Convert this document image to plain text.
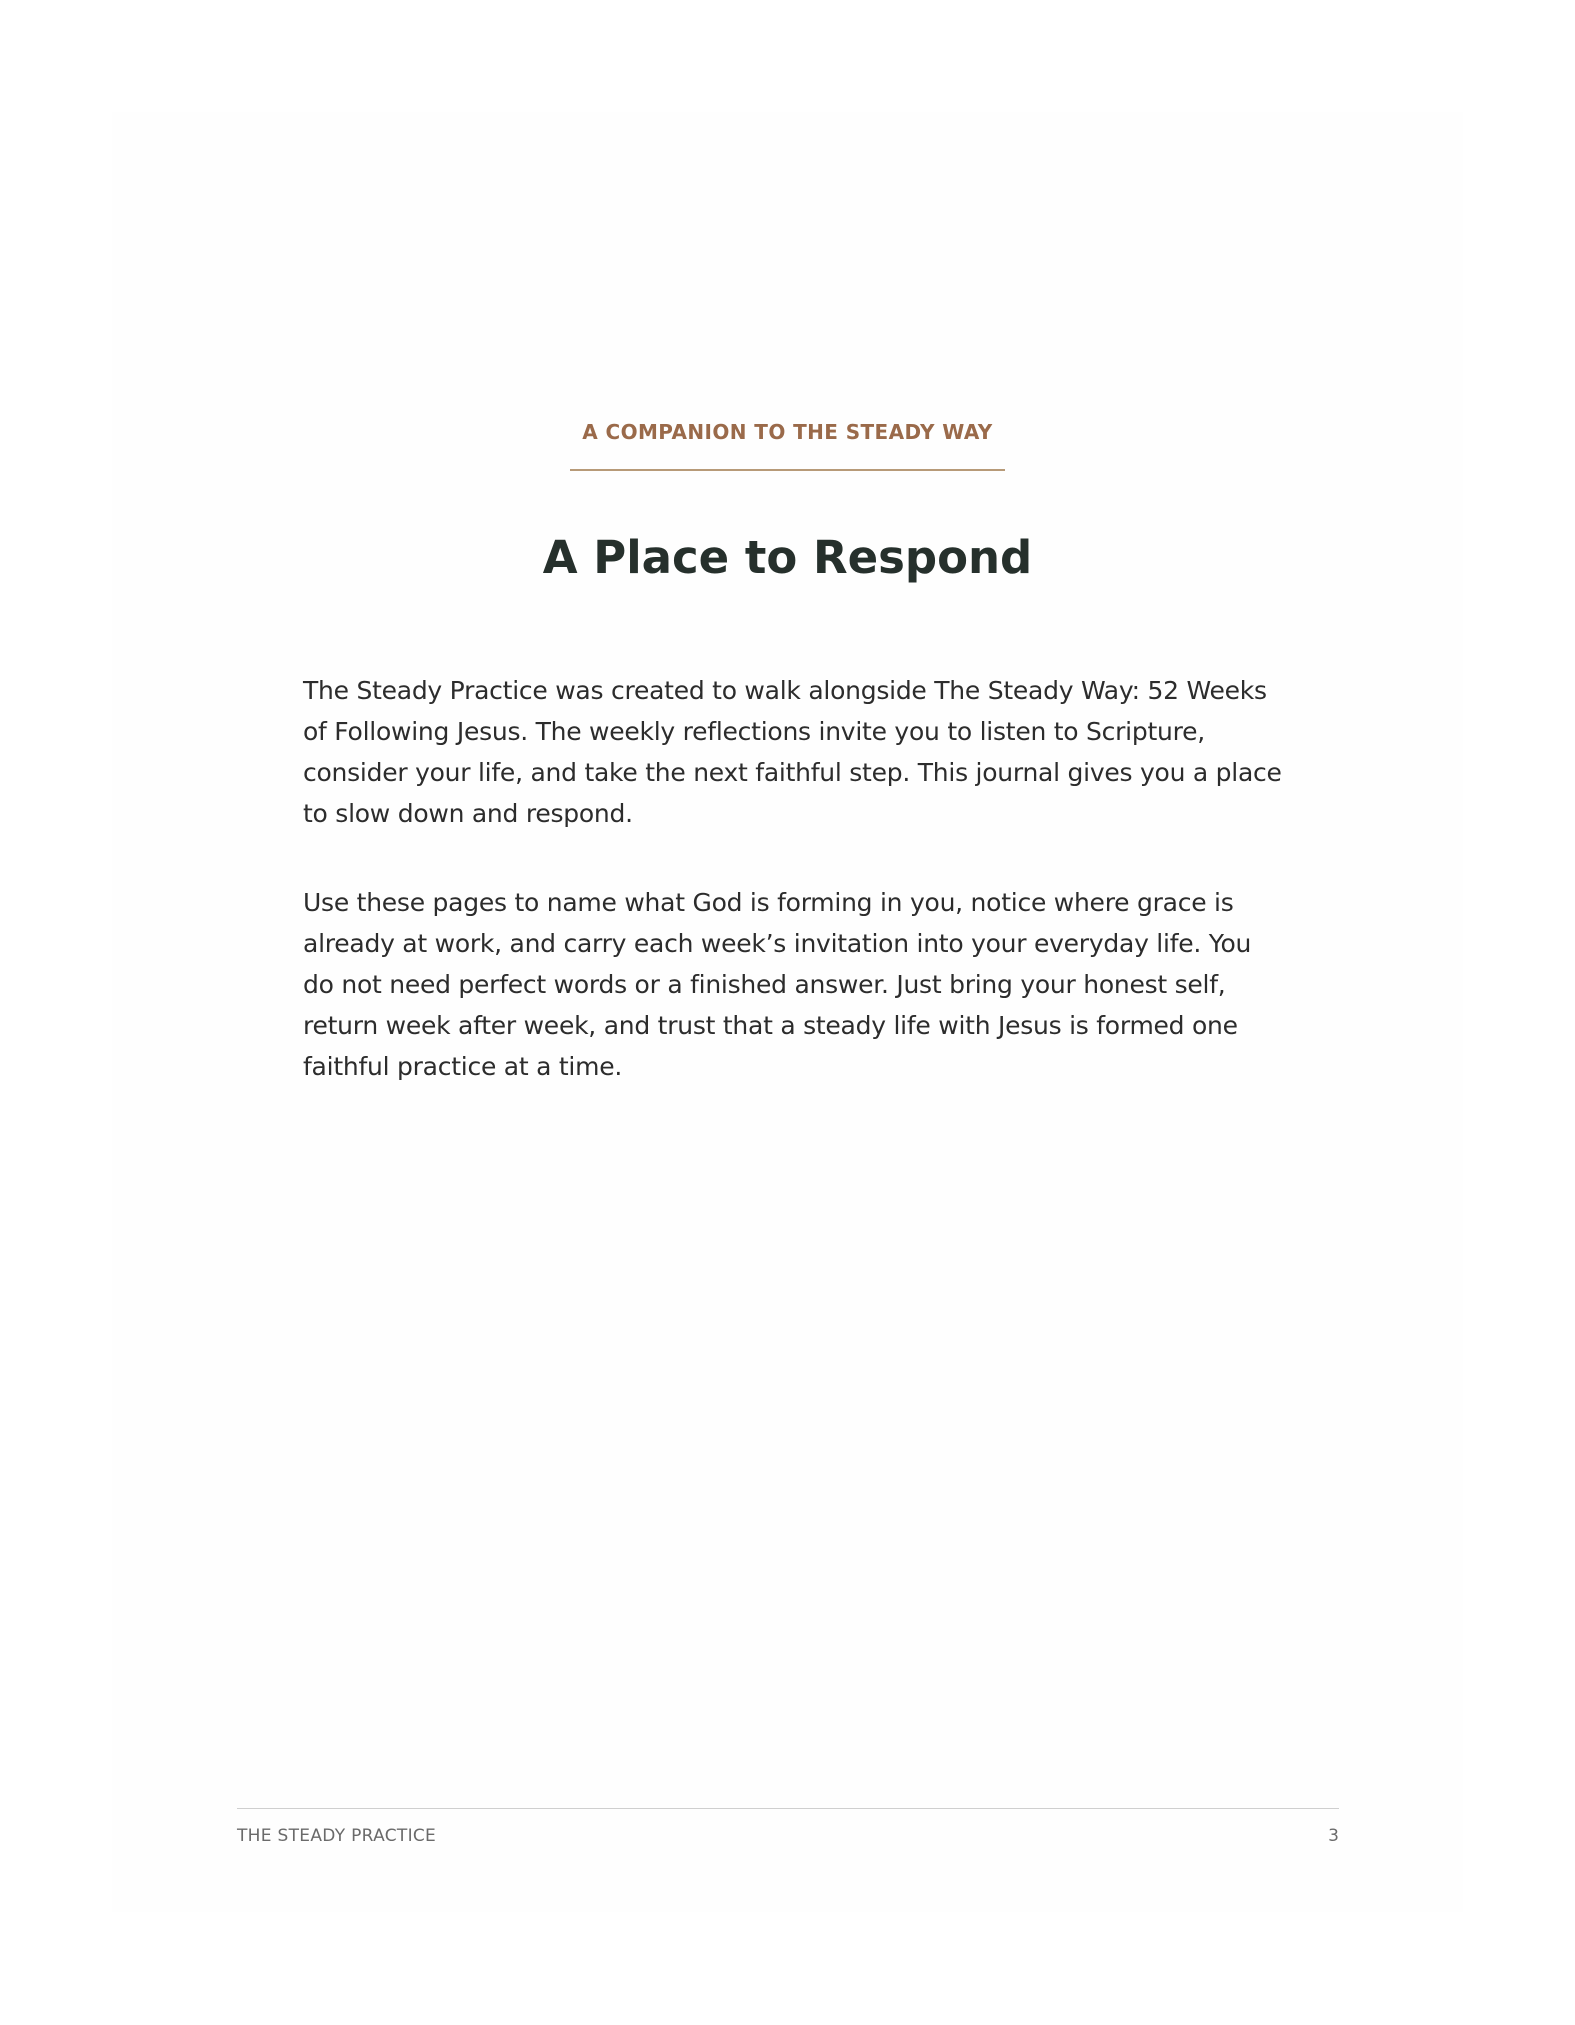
A COMPANION TO THE STEADY WAY
A Place to Respond

The Steady Practice was created to walk alongside The Steady Way: 52 Weeks of Following Jesus. The weekly reflections invite you to listen to Scripture, consider your life, and take the next faithful step. This journal gives you a place to slow down and respond.

Use these pages to name what God is forming in you, notice where grace is already at work, and carry each week’s invitation into your everyday life. You do not need perfect words or a finished answer. Just bring your honest self, return week after week, and trust that a steady life with Jesus is formed one faithful practice at a time.

THE STEADY PRACTICE	3
